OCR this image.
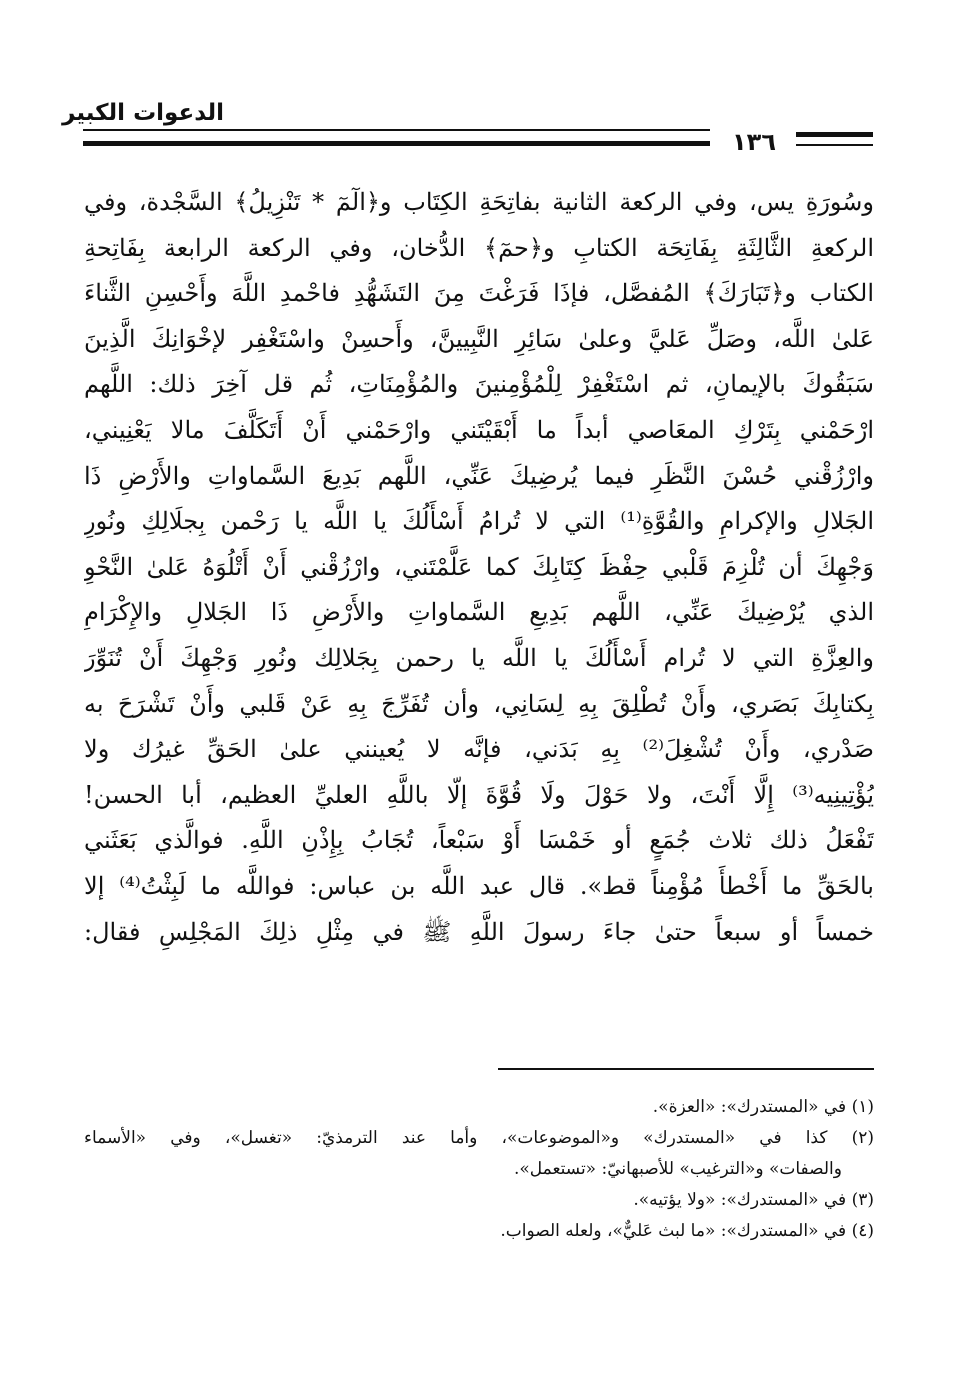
الدعوات الكبير
١٣٦
وسُورَةِ يس، وفي الركعة الثانية بفاتِحَةِ الكِتَاب و﴿الٓمٓ * تَنْزِيلُ﴾ السَّجْدة، وفي
الركعةِ الثَّالِثَةِ بِفَاتِحَة الكتابِ و﴿حمٓ﴾ الدُّخان، وفي الركعة الرابعة بِفَاتِحةِ
الكتاب و﴿تَبَارَكَ﴾ المُفصَّل، فإذَا فَرَغْتَ مِنَ التَشَهُّدِ فاحْمدِ اللَّهَ وأَحْسِنِ الثَّناءَ
عَلىٰ اللَّه، وصَلِّ عَليَّ وعلىٰ سَائِرِ النَّبِيينَّ، وأَحسِنْ واسْتَغْفِر لإخْوَانِكَ الَّذِينَ
سَبَقُوكَ بالإيمانِ، ثم اسْتَغْفِرْ لِلْمُؤْمِنينَ والمُؤْمِنَاتِ، ثُم قل آخِرَ ذلك: اللَّهم
ارْحَمْني بِتَرْكِ المعَاصي أبداً ما أَبْقَيْتَني وارْحَمْني أَنْ أَتَكَلَّفَ مالا يَعْنِيني،
وارْزُقْني حُسْنَ النَّظَرِ فيما يُرضِيكَ عَنِّي، اللَّهم بَدِيعَ السَّماواتِ والأَرْضِ ذَا
الجَلالِ والإكرامِ والقُوَّةِ⁽¹⁾ التي لا تُرامُ أَسْأَلُكَ يا اللَّه يا رَحْمن بِجلَالِكِ ونُورِ
وَجْهِكَ أن تُلْزِمَ قَلْبي حِفْظَ كِتَابِكَ كما عَلَّمْتَني، وارْزُقْني أَنْ أَتْلُوَهُ عَلىٰ النَّحْوِ
الذي يُرْضِيكَ عَنِّي، اللَّهم بَدِيعِ السَّماواتِ والأَرْضِ ذَا الجَلالِ والإِكْرَامِ
والعِزَّةِ التي لا تُرام أَسْأَلُكَ يا اللَّه يا رحمن بِجَلالِك ونُورِ وَجْهِكَ أَنْ تُنَوِّرَ
بِكتابِكَ بَصَري، وأَنْ تُطْلِقَ بِهِ لِسَانِي، وأن تُفَرِّجَ بِهِ عَنْ قَلبي وأَنْ تَشْرَحَ به
صَدْري، وأَنْ تُشْغِلَ⁽²⁾ بِهِ بَدَني، فإنَّه لا يُعينني علىٰ الحَقِّ غيرُك ولا
يُؤْتِينِيه⁽³⁾ إِلَّا أَنْتَ، ولا حَوْلَ ولَا قُوَّةَ إلّا باللَّهِ العليِّ العظيم، أبا الحسن!
تَفْعَلُ ذلك ثلاث جُمَعٍ أو خَمْسَا أَوْ سَبْعاً، تُجَابُ بِإِذْنِ اللَّهِ. فوالَّذي بَعَثَني
بالحَقِّ ما أَخْطأَ مُؤْمِناً قط». قال عبد اللَّه بن عباس: فواللَّه ما لَبِثْتُ⁽⁴⁾ إلا
خمساً أو سبعاً حتىٰ جاءَ رسولَ اللَّهِ ﷺ في مِثْلِ ذلِكَ المَجْلِسِ فقال:
(١) في «المستدرك»: «العزة».
(٢) كذا في «المستدرك» و«الموضوعات»، وأما عند الترمذيّ: «تغسل»، وفي «الأسماء
والصفات» و«الترغيب» للأصبهانيّ: «تستعمل».
(٣) في «المستدرك»: «ولا يؤتيه».
(٤) في «المستدرك»: «ما لبث عَليٌّ»، ولعله الصواب.
